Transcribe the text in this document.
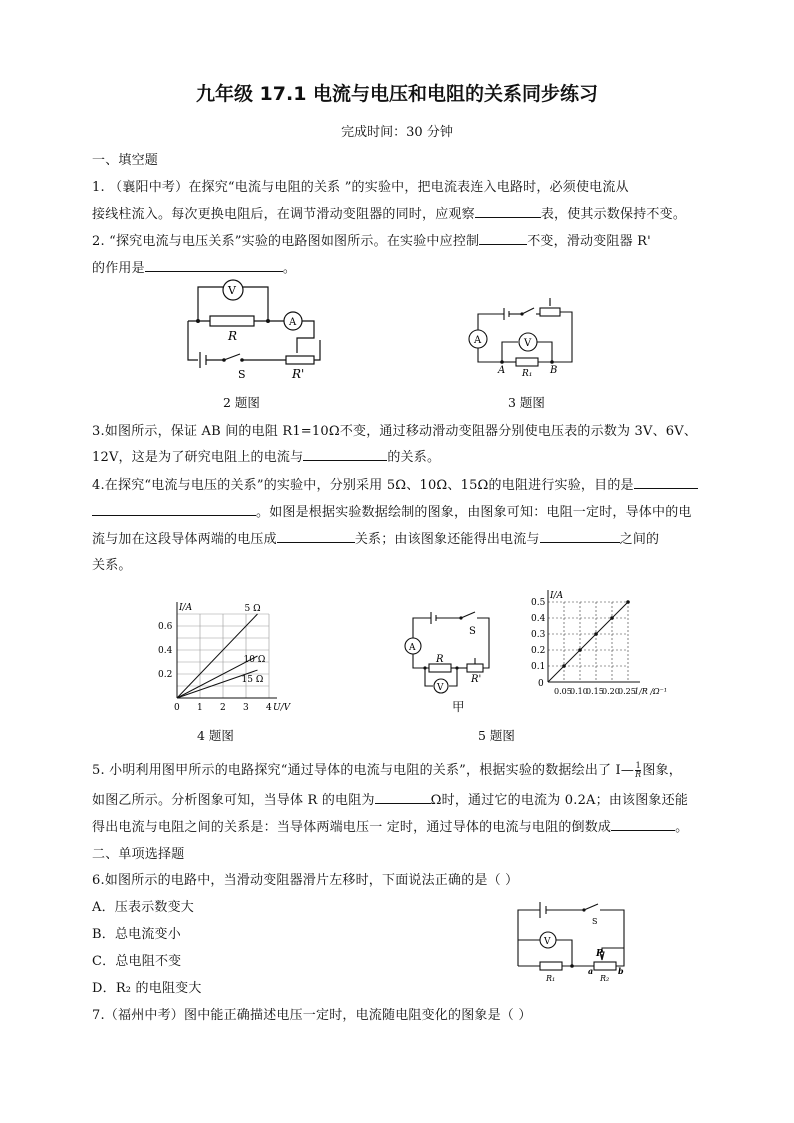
九年级 17.1 电流与电压和电阻的关系同步练习
完成时间：30 分钟
一、填空题
1. （襄阳中考）在探究“电流与电阻的关系 ”的实验中，把电流表连入电路时，必须使电流从
接线柱流入。每次更换电阻后，在调节滑动变阻器的同时，应观察	表，使其示数保持不变。
2. “探究电流与电压关系”实验的电路图如图所示。在实验中应控制	不变，滑动变阻器 R'
的作用是	。
V
A
R
S	R'
2 题图
A	V
A	B
R₁
3 题图
3.如图所示，保证 AB 间的电阻 R1=10Ω不变，通过移动滑动变阻器分别使电压表的示数为 3V、6V、
12V，这是为了研究电阻上的电流与	的关系。
4.在探究“电流与电压的关系”的实验中，分别采用 5Ω、10Ω、15Ω的电阻进行实验，目的是
。如图是根据实验数据绘制的图象，由图象可知：电阻一定时，导体中的电
流与加在这段导体两端的电压成	关系；由该图象还能得出电流与	之间的
关系。
U/V
I/A
0 1 2 3 4
0.2
0.4
0.6
5 Ω
10 Ω
15 Ω
4 题图
A
S
R
R'
V
甲
1/R /Ω⁻¹
I/A
0
0.05
0.10
0.15
0.20
0.25
0.1
0.2
0.3
0.4
0.5
5 题图
5. 小明利用图甲所示的电路探究“通过导体的电流与电阻的关系”，根据实验的数据绘出了 I— $\frac{1}{R}$ 图象，
如图乙所示。分析图象可知，当导体 R 的电阻为	Ω时，通过它的电流为 0.2A；由该图象还能
得出电流与电阻之间的关系是：当导体两端电压一 定时，通过导体的电流与电阻的倒数成	。
二、单项选择题
6.如图所示的电路中，当滑动变阻器滑片左移时，下面说法正确的是（ ）
A．压表示数变大
B．总电流变小
C．总电阻不变
D．R₂ 的电阻变大
V
S
P
a	b
R₁	R₂
7.（福州中考）图中能正确描述电压一定时，电流随电阻变化的图象是（ ）
